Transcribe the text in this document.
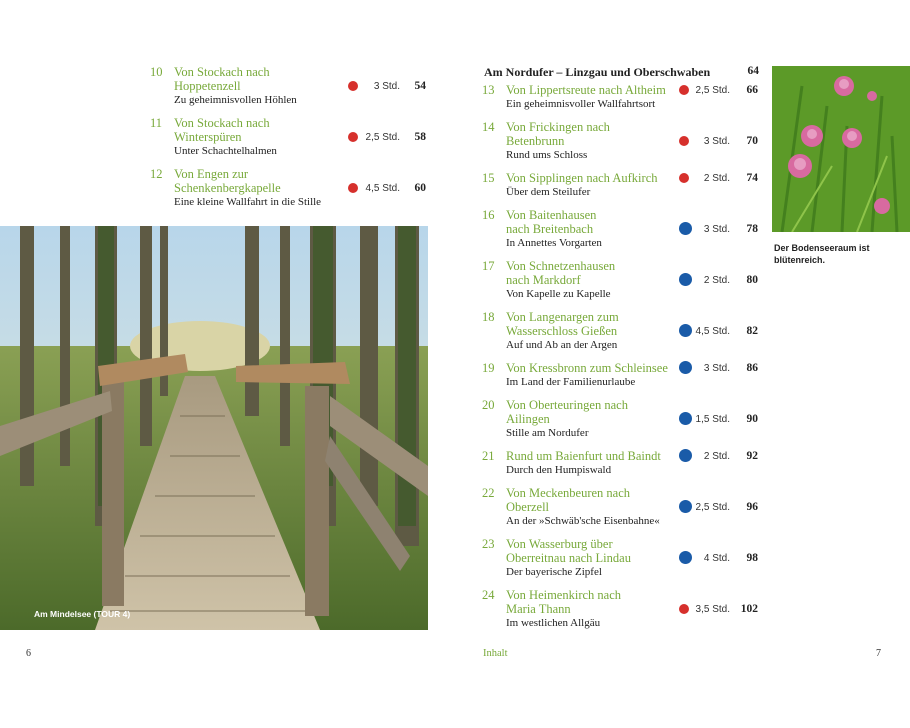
10 Von Stockach nach
Hoppetenzell
Zu geheimnisvollen Höhlen
3 Std.	54
11 Von Stockach nach
Winterspüren
Unter Schachtelhalmen
2,5 Std.	58
12 Von Engen zur
Schenkenbergkapelle
Eine kleine Wallfahrt in die Stille
4,5 Std.	60
Am Mindelsee (TOUR 4)
Am Nordufer – Linzgau und Oberschwaben	64
13 Von Lippertsreute nach Altheim
Ein geheimnisvoller Wallfahrtsort
2,5 Std.	66
14 Von Frickingen nach
Betenbrunn
Rund ums Schloss
3 Std.	70
15 Von Sipplingen nach Aufkirch
Über dem Steilufer
2 Std.	74
16 Von Baitenhausen
nach Breitenbach
In Annettes Vorgarten
3 Std.	78
17 Von Schnetzenhausen
nach Markdorf
Von Kapelle zu Kapelle
2 Std.	80
18 Von Langenargen zum
Wasserschloss Gießen
Auf und Ab an der Argen
4,5 Std.	82
19 Von Kressbronn zum Schleinsee
Im Land der Familienurlaube
3 Std.	86
20 Von Oberteuringen nach
Ailingen
Stille am Nordufer
1,5 Std.	90
21 Rund um Baienfurt und Baindt
Durch den Humpiswald
2 Std.	92
22 Von Meckenbeuren nach
Oberzell
An der »Schwäb'sche Eisenbahne«
2,5 Std.	96
23 Von Wasserburg über
Oberreitnau nach Lindau
Der bayerische Zipfel
4 Std.	98
24 Von Heimenkirch nach
Maria Thann
Im westlichen Allgäu
3,5 Std. 102
Der Bodenseeraum ist
blütenreich.
6	Inhalt	7
